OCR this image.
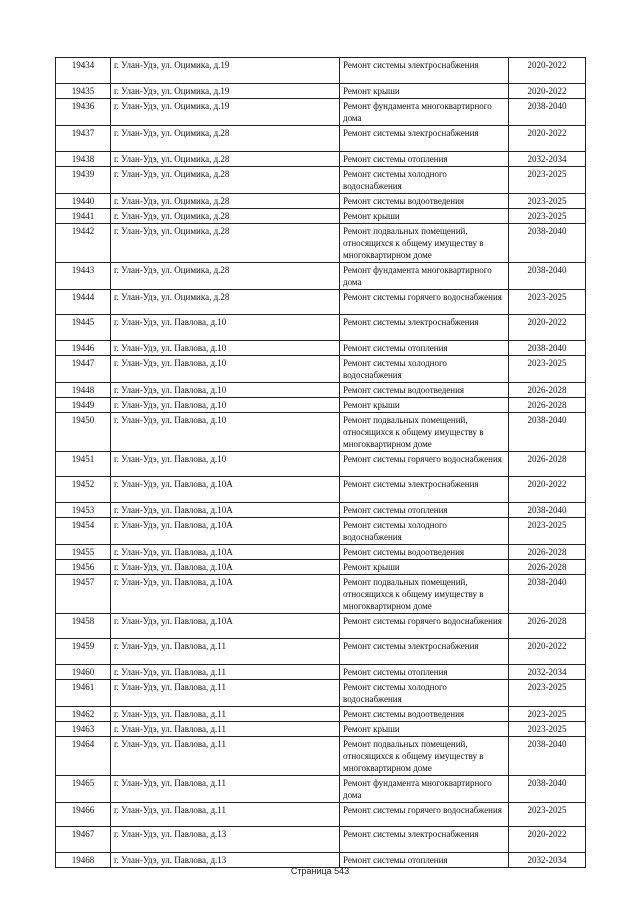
19434	г. Улан-Удэ, ул. Оцимика, д.19	Ремонт системы электроснабжения	2020-2022
19435	г. Улан-Удэ, ул. Оцимика, д.19	Ремонт крыши	2020-2022
19436	г. Улан-Удэ, ул. Оцимика, д.19	Ремонт фундамента многоквартирного дома	2038-2040
19437	г. Улан-Удэ, ул. Оцимика, д.28	Ремонт системы электроснабжения	2020-2022
19438	г. Улан-Удэ, ул. Оцимика, д.28	Ремонт системы отопления	2032-2034
19439	г. Улан-Удэ, ул. Оцимика, д.28	Ремонт системы холодного водоснабжения	2023-2025
19440	г. Улан-Удэ, ул. Оцимика, д.28	Ремонт системы водоотведения	2023-2025
19441	г. Улан-Удэ, ул. Оцимика, д.28	Ремонт крыши	2023-2025
19442	г. Улан-Удэ, ул. Оцимика, д.28	Ремонт подвальных помещений, относящихся к общему имуществу в многоквартирном доме	2038-2040
19443	г. Улан-Удэ, ул. Оцимика, д.28	Ремонт фундамента многоквартирного дома	2038-2040
19444	г. Улан-Удэ, ул. Оцимика, д.28	Ремонт системы горячего водоснабжения	2023-2025
19445	г. Улан-Удэ, ул. Павлова, д.10	Ремонт системы электроснабжения	2020-2022
19446	г. Улан-Удэ, ул. Павлова, д.10	Ремонт системы отопления	2038-2040
19447	г. Улан-Удэ, ул. Павлова, д.10	Ремонт системы холодного водоснабжения	2023-2025
19448	г. Улан-Удэ, ул. Павлова, д.10	Ремонт системы водоотведения	2026-2028
19449	г. Улан-Удэ, ул. Павлова, д.10	Ремонт крыши	2026-2028
19450	г. Улан-Удэ, ул. Павлова, д.10	Ремонт подвальных помещений, относящихся к общему имуществу в многоквартирном доме	2038-2040
19451	г. Улан-Удэ, ул. Павлова, д.10	Ремонт системы горячего водоснабжения	2026-2028
19452	г. Улан-Удэ, ул. Павлова, д.10А	Ремонт системы электроснабжения	2020-2022
19453	г. Улан-Удэ, ул. Павлова, д.10А	Ремонт системы отопления	2038-2040
19454	г. Улан-Удэ, ул. Павлова, д.10А	Ремонт системы холодного водоснабжения	2023-2025
19455	г. Улан-Удэ, ул. Павлова, д.10А	Ремонт системы водоотведения	2026-2028
19456	г. Улан-Удэ, ул. Павлова, д.10А	Ремонт крыши	2026-2028
19457	г. Улан-Удэ, ул. Павлова, д.10А	Ремонт подвальных помещений, относящихся к общему имуществу в многоквартирном доме	2038-2040
19458	г. Улан-Удэ, ул. Павлова, д.10А	Ремонт системы горячего водоснабжения	2026-2028
19459	г. Улан-Удэ, ул. Павлова, д.11	Ремонт системы электроснабжения	2020-2022
19460	г. Улан-Удэ, ул. Павлова, д.11	Ремонт системы отопления	2032-2034
19461	г. Улан-Удэ, ул. Павлова, д.11	Ремонт системы холодного водоснабжения	2023-2025
19462	г. Улан-Удэ, ул. Павлова, д.11	Ремонт системы водоотведения	2023-2025
19463	г. Улан-Удэ, ул. Павлова, д.11	Ремонт крыши	2023-2025
19464	г. Улан-Удэ, ул. Павлова, д.11	Ремонт подвальных помещений, относящихся к общему имуществу в многоквартирном доме	2038-2040
19465	г. Улан-Удэ, ул. Павлова, д.11	Ремонт фундамента многоквартирного дома	2038-2040
19466	г. Улан-Удэ, ул. Павлова, д.11	Ремонт системы горячего водоснабжения	2023-2025
19467	г. Улан-Удэ, ул. Павлова, д.13	Ремонт системы электроснабжения	2020-2022
19468	г. Улан-Удэ, ул. Павлова, д.13	Ремонт системы отопления	2032-2034
Страница 543
